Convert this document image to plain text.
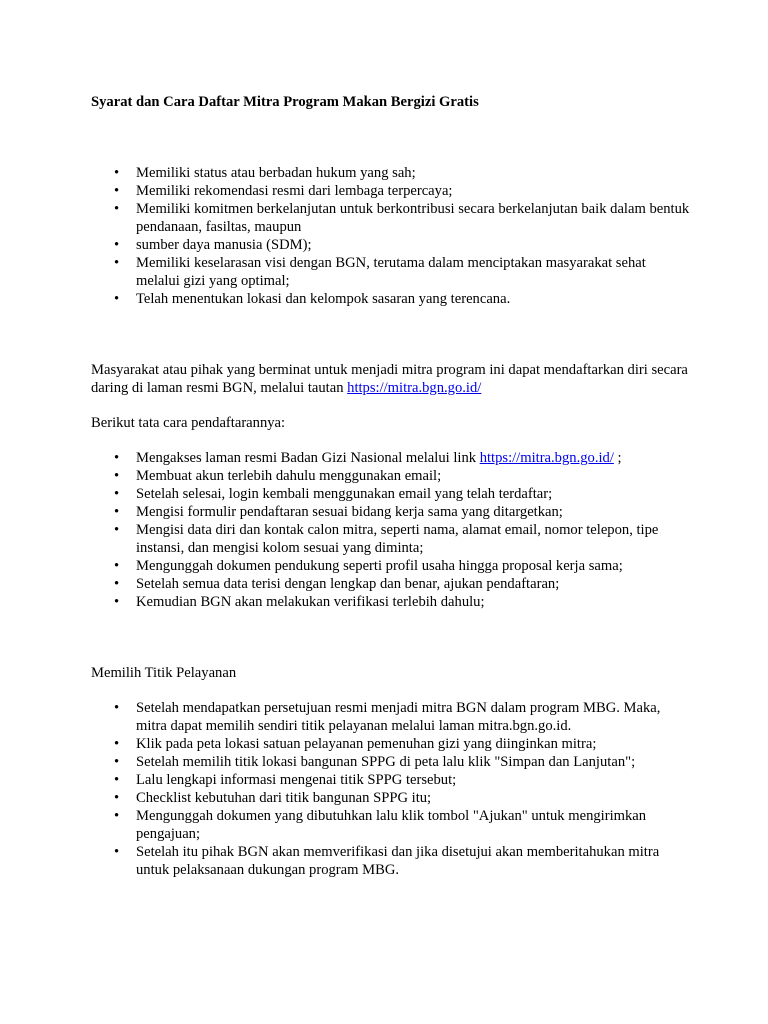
Syarat dan Cara Daftar Mitra Program Makan Bergizi Gratis

• Memiliki status atau berbadan hukum yang sah;
• Memiliki rekomendasi resmi dari lembaga terpercaya;
• Memiliki komitmen berkelanjutan untuk berkontribusi secara berkelanjutan baik dalam bentuk pendanaan, fasiltas, maupun
• sumber daya manusia (SDM);
• Memiliki keselarasan visi dengan BGN, terutama dalam menciptakan masyarakat sehat melalui gizi yang optimal;
• Telah menentukan lokasi dan kelompok sasaran yang terencana.

Masyarakat atau pihak yang berminat untuk menjadi mitra program ini dapat mendaftarkan diri secara daring di laman resmi BGN, melalui tautan https://mitra.bgn.go.id/

Berikut tata cara pendaftarannya:

• Mengakses laman resmi Badan Gizi Nasional melalui link https://mitra.bgn.go.id/ ;
• Membuat akun terlebih dahulu menggunakan email;
• Setelah selesai, login kembali menggunakan email yang telah terdaftar;
• Mengisi formulir pendaftaran sesuai bidang kerja sama yang ditargetkan;
• Mengisi data diri dan kontak calon mitra, seperti nama, alamat email, nomor telepon, tipe instansi, dan mengisi kolom sesuai yang diminta;
• Mengunggah dokumen pendukung seperti profil usaha hingga proposal kerja sama;
• Setelah semua data terisi dengan lengkap dan benar, ajukan pendaftaran;
• Kemudian BGN akan melakukan verifikasi terlebih dahulu;

Memilih Titik Pelayanan

• Setelah mendapatkan persetujuan resmi menjadi mitra BGN dalam program MBG. Maka, mitra dapat memilih sendiri titik pelayanan melalui laman mitra.bgn.go.id.
• Klik pada peta lokasi satuan pelayanan pemenuhan gizi yang diinginkan mitra;
• Setelah memilih titik lokasi bangunan SPPG di peta lalu klik "Simpan dan Lanjutan";
• Lalu lengkapi informasi mengenai titik SPPG tersebut;
• Checklist kebutuhan dari titik bangunan SPPG itu;
• Mengunggah dokumen yang dibutuhkan lalu klik tombol "Ajukan" untuk mengirimkan pengajuan;
• Setelah itu pihak BGN akan memverifikasi dan jika disetujui akan memberitahukan mitra untuk pelaksanaan dukungan program MBG.
